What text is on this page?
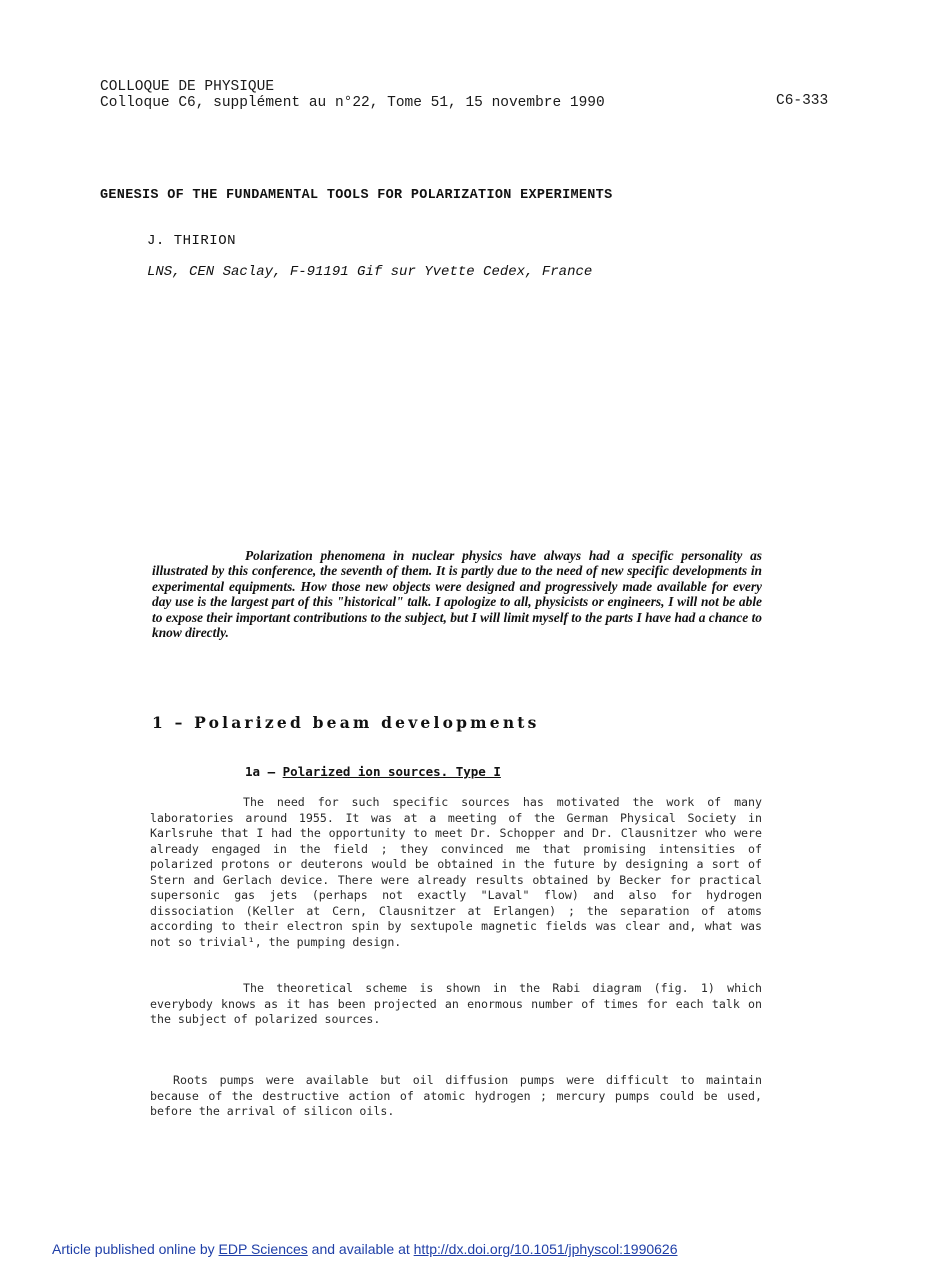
COLLOQUE DE PHYSIQUE
Colloque C6, supplément au n°22, Tome 51, 15 novembre 1990	C6-333
GENESIS OF THE FUNDAMENTAL TOOLS FOR POLARIZATION EXPERIMENTS
J. THIRION
LNS, CEN Saclay, F-91191 Gif sur Yvette Cedex, France
Polarization phenomena in nuclear physics have always had a specific personality as illustrated by this conference, the seventh of them. It is partly due to the need of new specific developments in experimental equipments. How those new objects were designed and progressively made available for every day use is the largest part of this "historical" talk. I apologize to all, physicists or engineers, I will not be able to expose their important contributions to the subject, but I will limit myself to the parts I have had a chance to know directly.
1 – Polarized beam developments
1a – Polarized ion sources. Type I
The need for such specific sources has motivated the work of many laboratories around 1955. It was at a meeting of the German Physical Society in Karlsruhe that I had the opportunity to meet Dr. Schopper and Dr. Clausnitzer who were already engaged in the field ; they convinced me that promising intensities of polarized protons or deuterons would be obtained in the future by designing a sort of Stern and Gerlach device. There were already results obtained by Becker for practical supersonic gas jets (perhaps not exactly "Laval" flow) and also for hydrogen dissociation (Keller at Cern, Clausnitzer at Erlangen) ; the separation of atoms according to their electron spin by sextupole magnetic fields was clear and, what was not so trivial¹, the pumping design.
The theoretical scheme is shown in the Rabi diagram (fig. 1) which everybody knows as it has been projected an enormous number of times for each talk on the subject of polarized sources.
Roots pumps were available but oil diffusion pumps were difficult to maintain because of the destructive action of atomic hydrogen ; mercury pumps could be used, before the arrival of silicon oils.
Article published online by EDP Sciences and available at http://dx.doi.org/10.1051/jphyscol:1990626
